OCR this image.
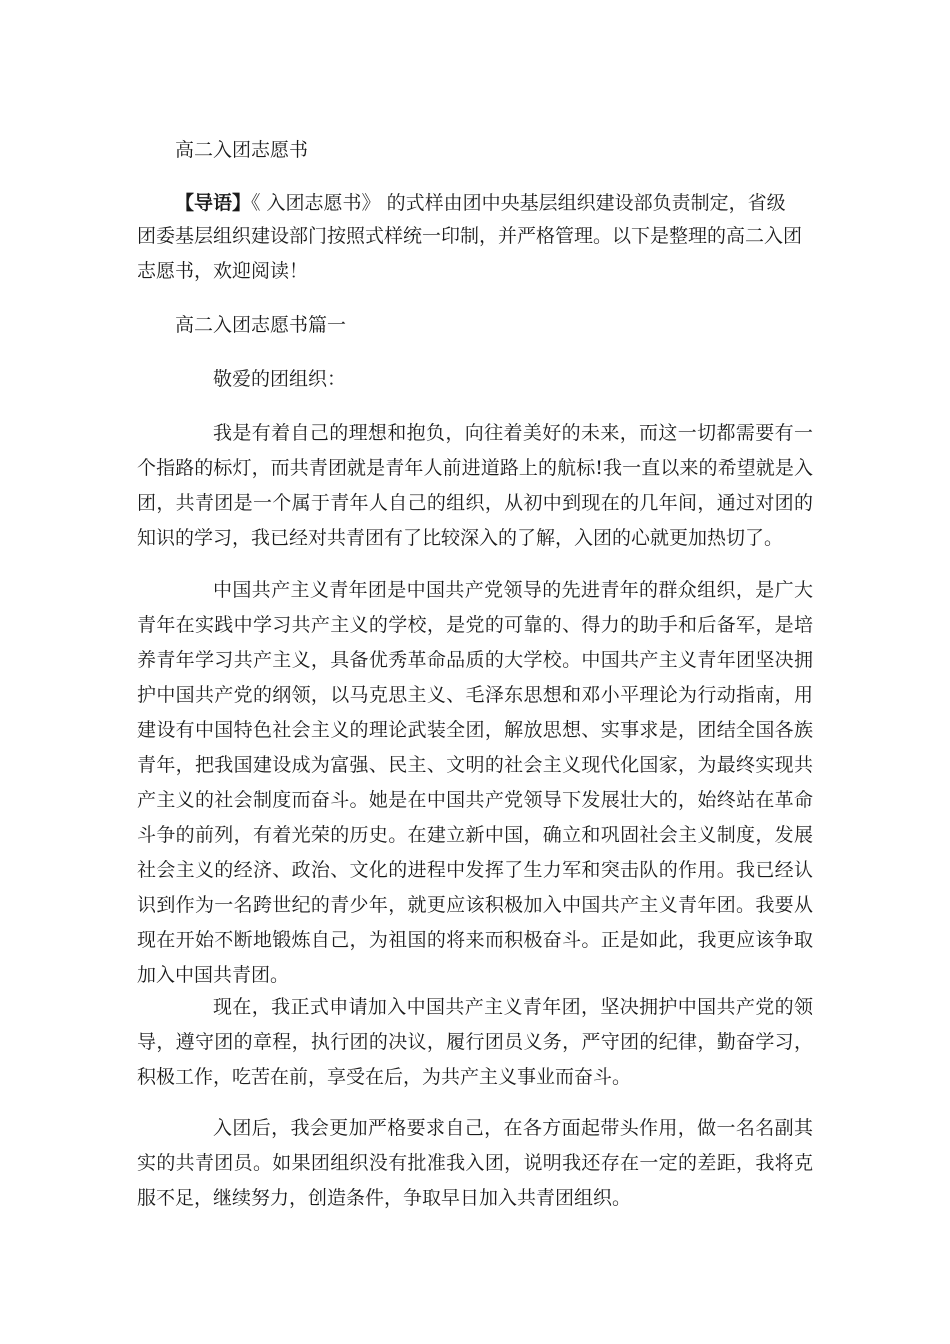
高二入团志愿书
【导语】《 入团志愿书》 的式样由团中央基层组织建设部负责制定，省级
团委基层组织建设部门按照式样统一印制，并严格管理。以下是整理的高二入团
志愿书，欢迎阅读！
高二入团志愿书篇一
敬爱的团组织：
我是有着自己的理想和抱负，向往着美好的未来，而这一切都需要有一个指路的标灯，而共青团就是青年人前进道路上的航标!我一直以来的希望就是入团，共青团是一个属于青年人自己的组织，从初中到现在的几年间，通过对团的知识的学习，我已经对共青团有了比较深入的了解，入团的心就更加热切了。
中国共产主义青年团是中国共产党领导的先进青年的群众组织，是广大青年在实践中学习共产主义的学校，是党的可靠的、得力的助手和后备军，是培养青年学习共产主义，具备优秀革命品质的大学校。中国共产主义青年团坚决拥护中国共产党的纲领，以马克思主义、毛泽东思想和邓小平理论为行动指南，用建设有中国特色社会主义的理论武装全团，解放思想、实事求是，团结全国各族青年，把我国建设成为富强、民主、文明的社会主义现代化国家，为最终实现共产主义的社会制度而奋斗。她是在中国共产党领导下发展壮大的，始终站在革命斗争的前列，有着光荣的历史。在建立新中国，确立和巩固社会主义制度，发展社会主义的经济、政治、文化的进程中发挥了生力军和突击队的作用。我已经认识到作为一名跨世纪的青少年，就更应该积极加入中国共产主义青年团。我要从现在开始不断地锻炼自己，为祖国的将来而积极奋斗。正是如此，我更应该争取加入中国共青团。
现在，我正式申请加入中国共产主义青年团，坚决拥护中国共产党的领导，遵守团的章程，执行团的决议，履行团员义务，严守团的纪律，勤奋学习，积极工作，吃苦在前，享受在后，为共产主义事业而奋斗。
入团后，我会更加严格要求自己，在各方面起带头作用，做一名名副其实的共青团员。如果团组织没有批准我入团，说明我还存在一定的差距，我将克服不足，继续努力，创造条件，争取早日加入共青团组织。
